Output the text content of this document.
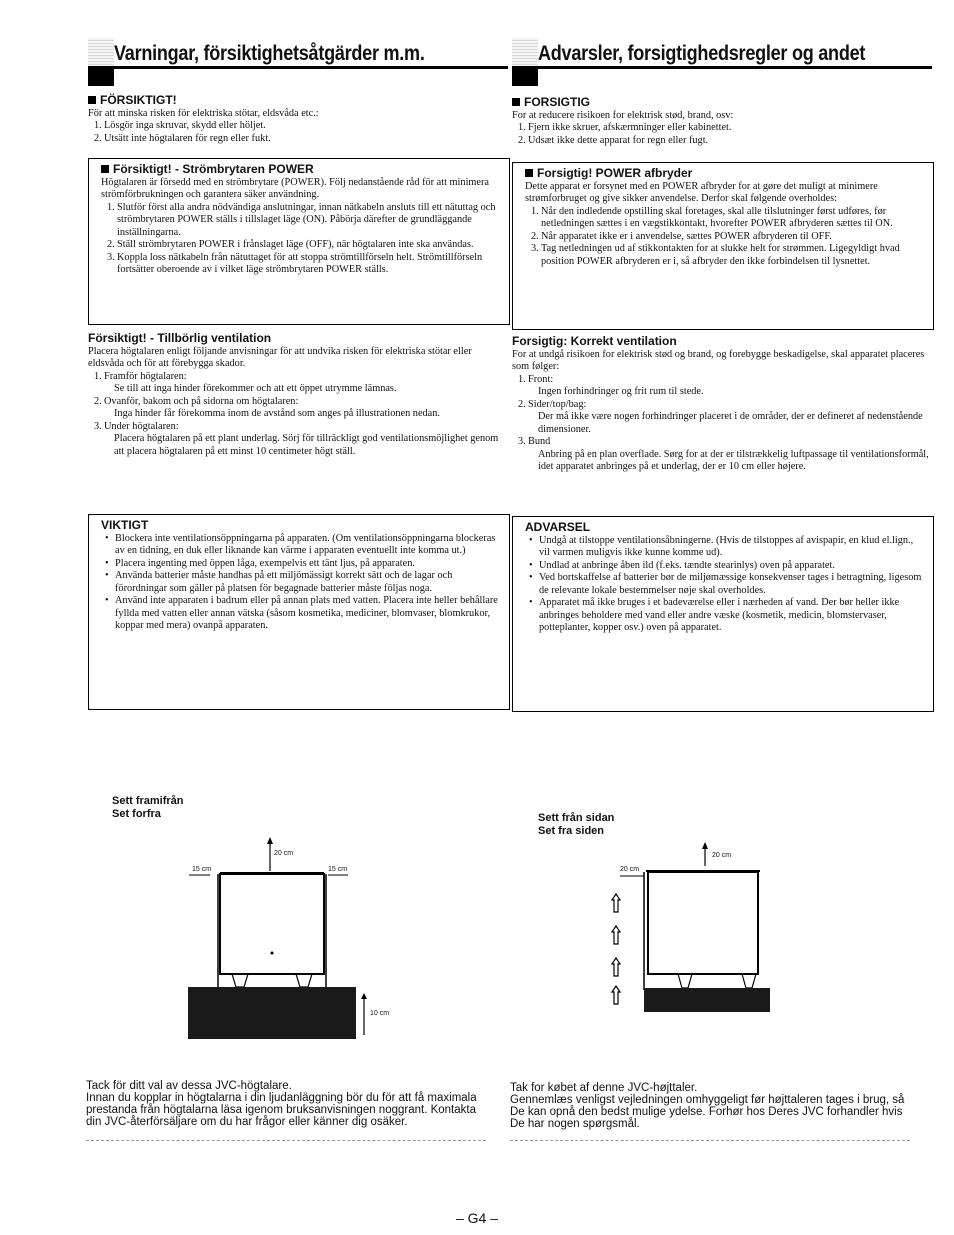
Varningar, försiktighetsåtgärder m.m.
FÖRSIKTIGT!

För att minska risken för elektriska stötar, eldsvåda etc.:

1. Lösgör inga skruvar, skydd eller höljet.
2. Utsätt inte högtalaren för regn eller fukt.
Försiktigt! - Strömbrytaren POWER

Högtalaren är försedd med en strömbrytare (POWER). Följ nedanstående råd för att minimera strömförbrukningen och garantera säker användning.

1. Slutför först alla andra nödvändiga anslutningar, innan nätkabeln ansluts till ett nätuttag och strömbrytaren POWER ställs i tillslaget läge (ON). Påbörja därefter de grundläggande inställningarna.
2. Ställ strömbrytaren POWER i frånslaget läge (OFF), när högtalaren inte ska användas.
3. Koppla loss nätkabeln från nätuttaget för att stoppa strömtillförseln helt. Strömtillförseln fortsätter oberoende av i vilket läge strömbrytaren POWER ställs.
Försiktigt! - Tillbörlig ventilation

Placera högtalaren enligt följande anvisningar för att undvika risken för elektriska stötar eller eldsvåda och för att förebygga skador.

1. Framför högtalaren:
Se till att inga hinder förekommer och att ett öppet utrymme lämnas.
2. Ovanför, bakom och på sidorna om högtalaren:
Inga hinder får förekomma inom de avstånd som anges på illustrationen nedan.
3. Under högtalaren:
Placera högtalaren på ett plant underlag. Sörj för tillräckligt god ventilationsmöjlighet genom att placera högtalaren på ett minst 10 centimeter högt ställ.
VIKTIGT
• Blockera inte ventilationsöppningarna på apparaten. (Om ventilationsöppningarna blockeras av en tidning, en duk eller liknande kan värme i apparaten eventuellt inte komma ut.)
• Placera ingenting med öppen låga, exempelvis ett tänt ljus, på apparaten.
• Använda batterier måste handhas på ett miljömässigt korrekt sätt och de lagar och förordningar som gäller på platsen för begagnade batterier måste följas noga.
• Använd inte apparaten i badrum eller på annan plats med vatten. Placera inte heller behållare fyllda med vatten eller annan vätska (såsom kosmetika, mediciner, blomvaser, blomkrukor, koppar med mera) ovanpå apparaten.
Sett framifrån
Set forfra
20 cm
15 cm	15 cm
10 cm
Tack för ditt val av dessa JVC-högtalare.
Innan du kopplar in högtalarna i din ljudanläggning bör du för att få maximala prestanda från högtalarna läsa igenom bruksanvisningen noggrant. Kontakta din JVC-återförsäljare om du har frågor eller känner dig osäker.
Advarsler, forsigtighedsregler og andet
FORSIGTIG

For at reducere risikoen for elektrisk stød, brand, osv:

1. Fjern ikke skruer, afskærmninger eller kabinettet.
2. Udsæt ikke dette apparat for regn eller fugt.
Forsigtig! POWER afbryder

Dette apparat er forsynet med en POWER afbryder for at gøre det muligt at minimere strømforbruget og give sikker anvendelse. Derfor skal følgende overholdes:

1. Når den indledende opstilling skal foretages, skal alle tilslutninger først udføres, før netledningen sættes i en vægstikkontakt, hvorefter POWER afbryderen sættes til ON.
2. Når apparatet ikke er i anvendelse, sættes POWER afbryderen til OFF.
3. Tag netledningen ud af stikkontakten for at slukke helt for strømmen. Ligegyldigt hvad position POWER afbryderen er i, så afbryder den ikke forbindelsen til lysnettet.
Forsigtig: Korrekt ventilation

For at undgå risikoen for elektrisk stød og brand, og forebygge beskadigelse, skal apparatet placeres som følger:

1. Front:
Ingen forhindringer og frit rum til stede.
2. Sider/top/bag:
Der må ikke være nogen forhindringer placeret i de områder, der er defineret af nedenstående dimensioner.
3. Bund
Anbring på en plan overflade. Sørg for at der er tilstrækkelig luftpassage til ventilationsformål, idet apparatet anbringes på et underlag, der er 10 cm eller højere.
ADVARSEL
• Undgå at tilstoppe ventilationsåbningerne. (Hvis de tilstoppes af avispapir, en klud el.lign., vil varmen muligvis ikke kunne komme ud).
• Undlad at anbringe åben ild (f.eks. tændte stearinlys) oven på apparatet.
• Ved bortskaffelse af batterier bør de miljømæssige konsekvenser tages i betragtning, ligesom de relevante lokale bestemmelser nøje skal overholdes.
• Apparatet må ikke bruges i et badeværelse eller i nærheden af vand. Der bør heller ikke anbringes beholdere med vand eller andre væske (kosmetik, medicin, blomstervaser, potteplanter, kopper osv.) oven på apparatet.
Sett från sidan
Set fra siden
20 cm
20 cm
Tak for købet af denne JVC-højttaler.
Gennemlæs venligst vejledningen omhyggeligt før højttaleren tages i brug, så De kan opnå den bedst mulige ydelse. Forhør hos Deres JVC forhandler hvis De har nogen spørgsmål.
– G4 –
